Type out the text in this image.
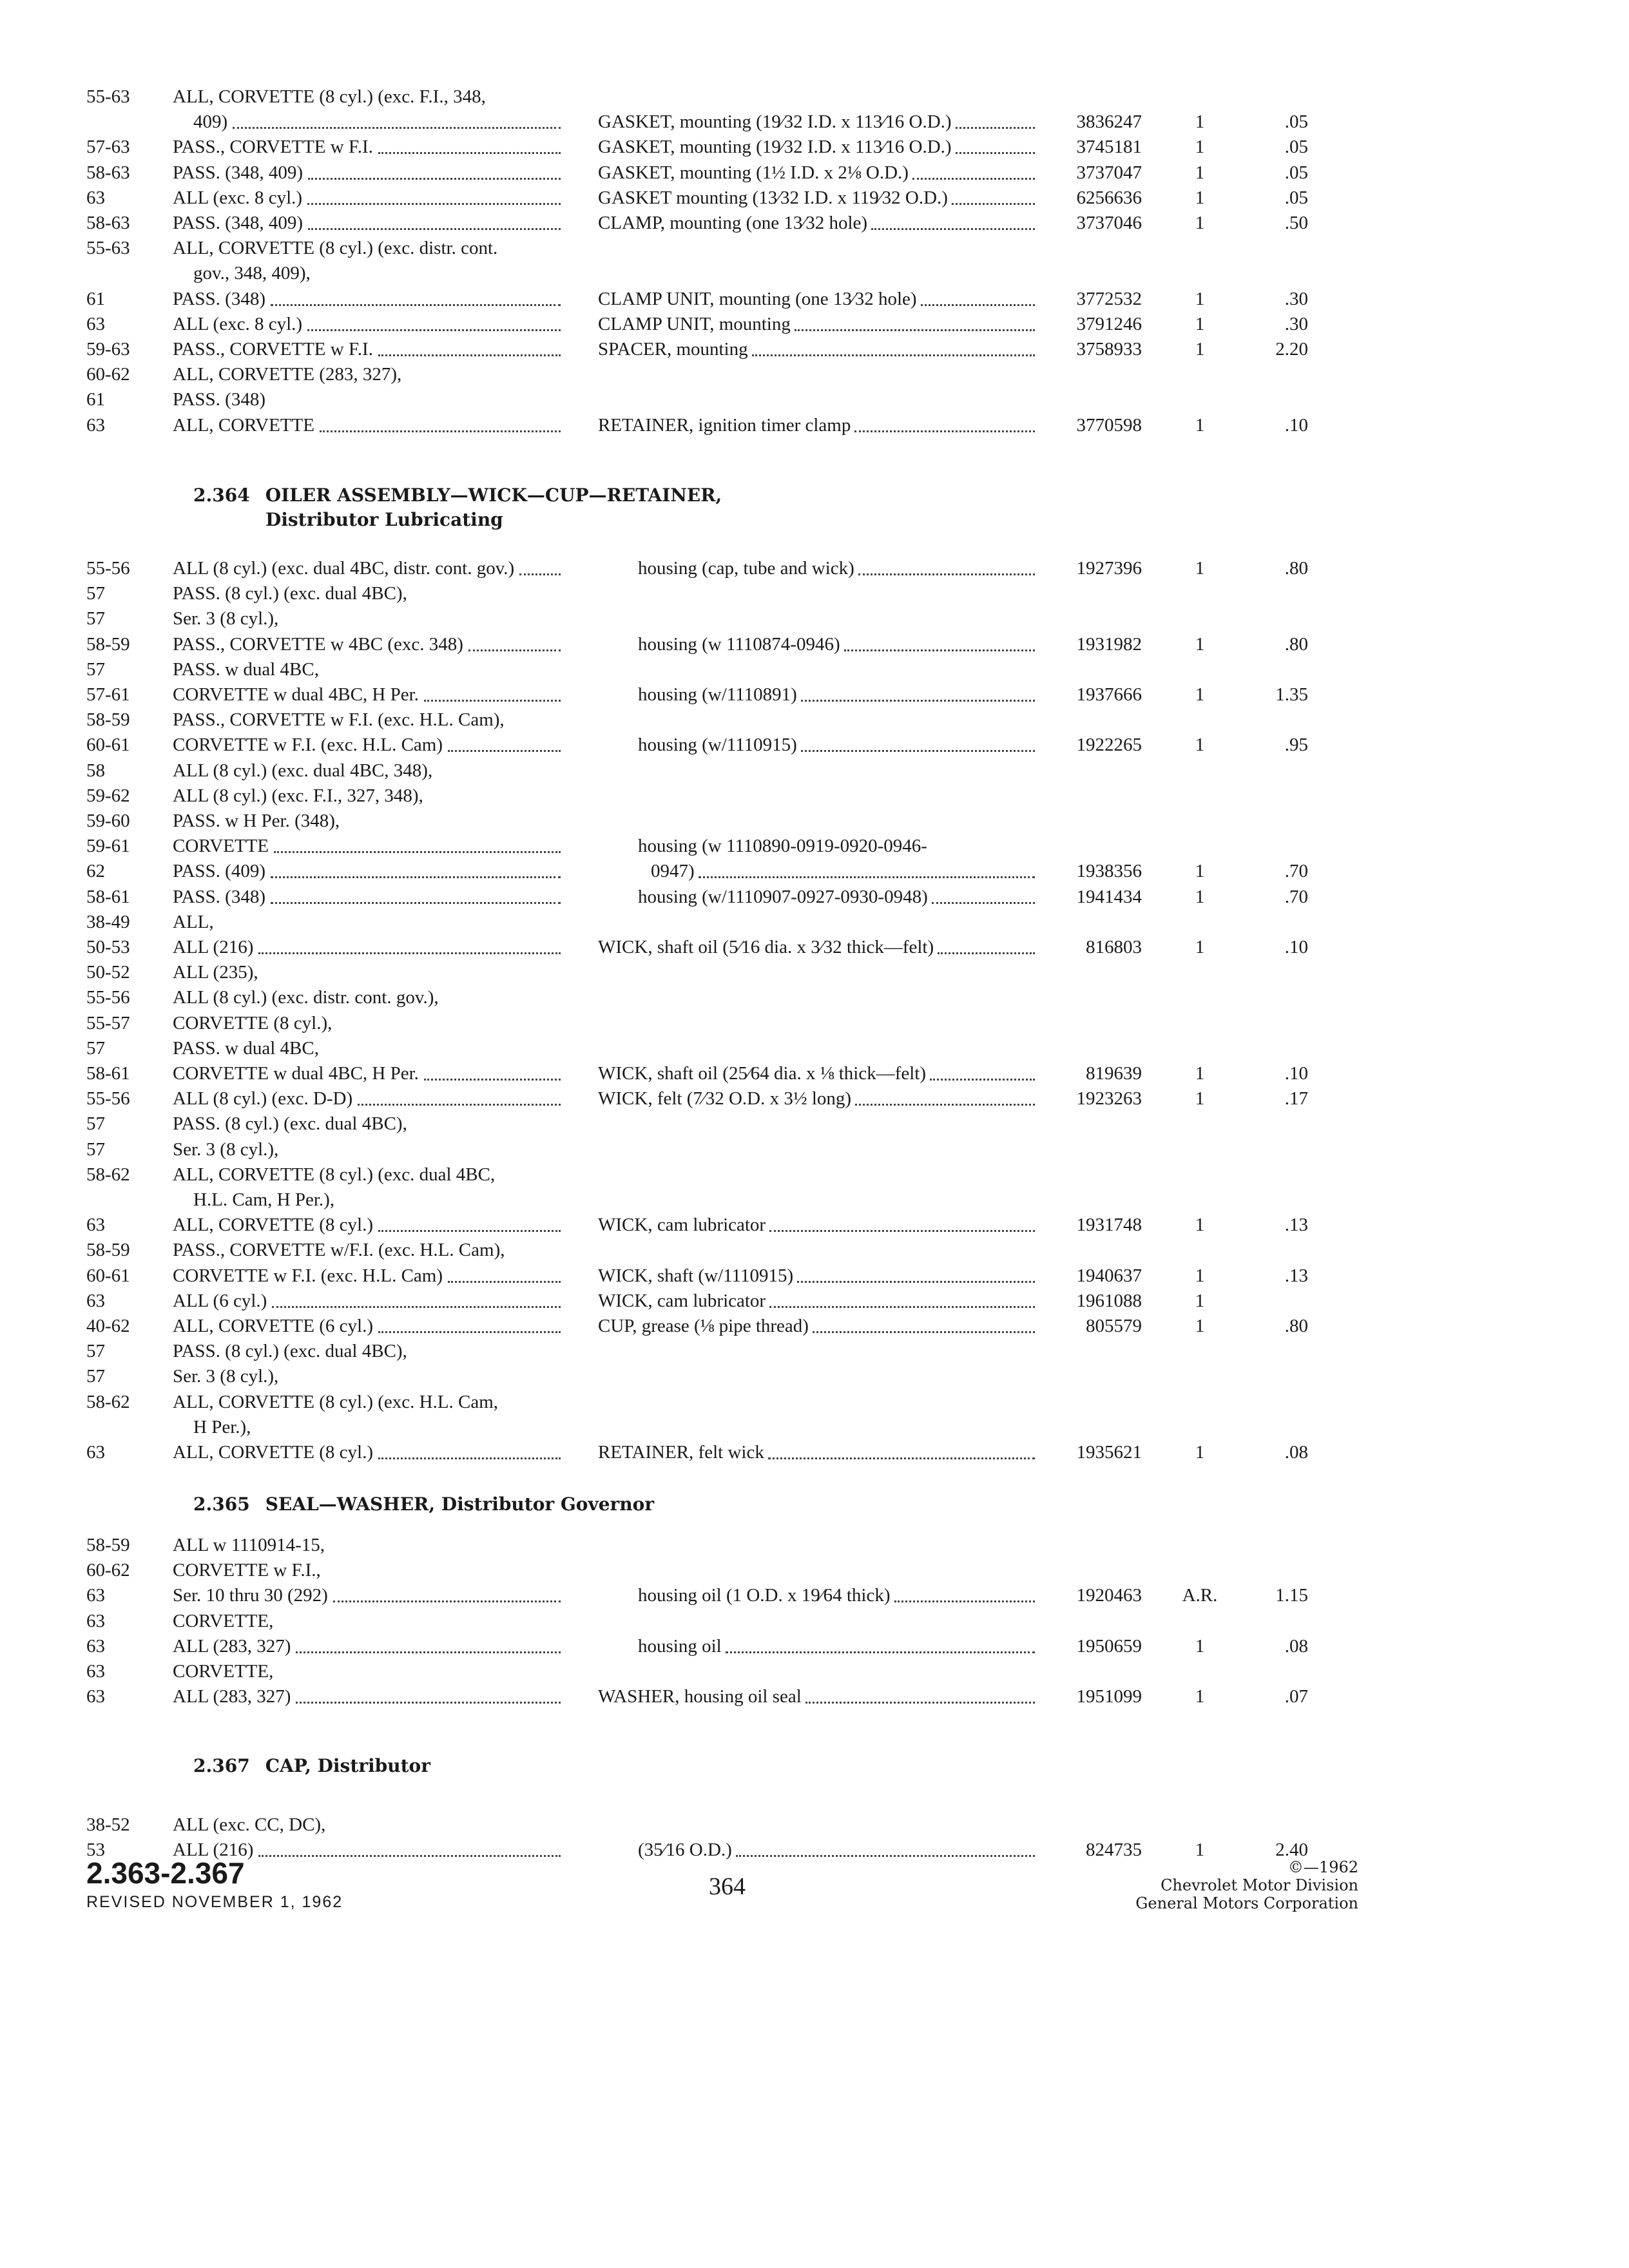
55-63 ALL, CORVETTE (8 cyl.) (exc. F.I., 348,
409)	GASKET, mounting (19⁄32 I.D. x 113⁄16 O.D.)	3836247	1	.05
57-63 PASS., CORVETTE w F.I.	GASKET, mounting (19⁄32 I.D. x 113⁄16 O.D.)	3745181	1	.05
58-63 PASS. (348, 409)	GASKET, mounting (1½ I.D. x 2⅛ O.D.)	3737047	1	.05
63	ALL (exc. 8 cyl.)	GASKET mounting (13⁄32 I.D. x 119⁄32 O.D.)	6256636	1	.05
58-63 PASS. (348, 409)	CLAMP, mounting (one 13⁄32 hole)	3737046	1	.50
55-63 ALL, CORVETTE (8 cyl.) (exc. distr. cont.
gov., 348, 409),
61	PASS. (348)	CLAMP UNIT, mounting (one 13⁄32 hole)	3772532	1	.30
63	ALL (exc. 8 cyl.)	CLAMP UNIT, mounting	3791246	1	.30
59-63 PASS., CORVETTE w F.I.	SPACER, mounting	3758933	1	2.20
60-62 ALL, CORVETTE (283, 327),
61	PASS. (348)
63	ALL, CORVETTE	RETAINER, ignition timer clamp	3770598	1	.10
2.364 OILER ASSEMBLY—WICK—CUP—RETAINER,
Distributor Lubricating
55-56 ALL (8 cyl.) (exc. dual 4BC, distr. cont. gov.)	housing (cap, tube and wick)	1927396	1	.80
57	PASS. (8 cyl.) (exc. dual 4BC),
57	Ser. 3 (8 cyl.),
58-59 PASS., CORVETTE w 4BC (exc. 348)	housing (w 1110874-0946)	1931982	1	.80
57	PASS. w dual 4BC,
57-61 CORVETTE w dual 4BC, H Per.	housing (w/1110891)	1937666	1	1.35
58-59 PASS., CORVETTE w F.I. (exc. H.L. Cam),
60-61 CORVETTE w F.I. (exc. H.L. Cam)	housing (w/1110915)	1922265	1	.95
58	ALL (8 cyl.) (exc. dual 4BC, 348),
59-62 ALL (8 cyl.) (exc. F.I., 327, 348),
59-60 PASS. w H Per. (348),
59-61 CORVETTE	housing (w 1110890-0919-0920-0946-
62	PASS. (409)	0947)	1938356	1	.70
58-61 PASS. (348)	housing (w/1110907-0927-0930-0948)	1941434	1	.70
38-49 ALL,
50-53 ALL (216)	WICK, shaft oil (5⁄16 dia. x 3⁄32 thick—felt)	816803	1	.10
50-52 ALL (235),
55-56 ALL (8 cyl.) (exc. distr. cont. gov.),
55-57 CORVETTE (8 cyl.),
57	PASS. w dual 4BC,
58-61 CORVETTE w dual 4BC, H Per.	WICK, shaft oil (25⁄64 dia. x ⅛ thick—felt)	819639	1	.10
55-56 ALL (8 cyl.) (exc. D-D)	WICK, felt (7⁄32 O.D. x 3½ long)	1923263	1	.17
57	PASS. (8 cyl.) (exc. dual 4BC),
57	Ser. 3 (8 cyl.),
58-62 ALL, CORVETTE (8 cyl.) (exc. dual 4BC,
H.L. Cam, H Per.),
63	ALL, CORVETTE (8 cyl.)	WICK, cam lubricator	1931748	1	.13
58-59 PASS., CORVETTE w/F.I. (exc. H.L. Cam),
60-61 CORVETTE w F.I. (exc. H.L. Cam)	WICK, shaft (w/1110915)	1940637	1	.13
63	ALL (6 cyl.)	WICK, cam lubricator	1961088	1
40-62 ALL, CORVETTE (6 cyl.)	CUP, grease (⅛ pipe thread)	805579	1	.80
57	PASS. (8 cyl.) (exc. dual 4BC),
57	Ser. 3 (8 cyl.),
58-62 ALL, CORVETTE (8 cyl.) (exc. H.L. Cam,
H Per.),
63	ALL, CORVETTE (8 cyl.)	RETAINER, felt wick	1935621	1	.08
2.365 SEAL—WASHER, Distributor Governor
58-59 ALL w 1110914-15,
60-62 CORVETTE w F.I.,
63	Ser. 10 thru 30 (292)	housing oil (1 O.D. x 19⁄64 thick)	1920463	A.R.	1.15
63	CORVETTE,
63	ALL (283, 327)	housing oil	1950659	1	.08
63	CORVETTE,
63	ALL (283, 327)	WASHER, housing oil seal	1951099	1	.07
2.367 CAP, Distributor
38-52 ALL (exc. CC, DC),
53	ALL (216)	(35⁄16 O.D.)	824735	1	2.40
2.363-2.367
REVISED NOVEMBER 1, 1962
364
©—1962
Chevrolet Motor Division
General Motors Corporation
